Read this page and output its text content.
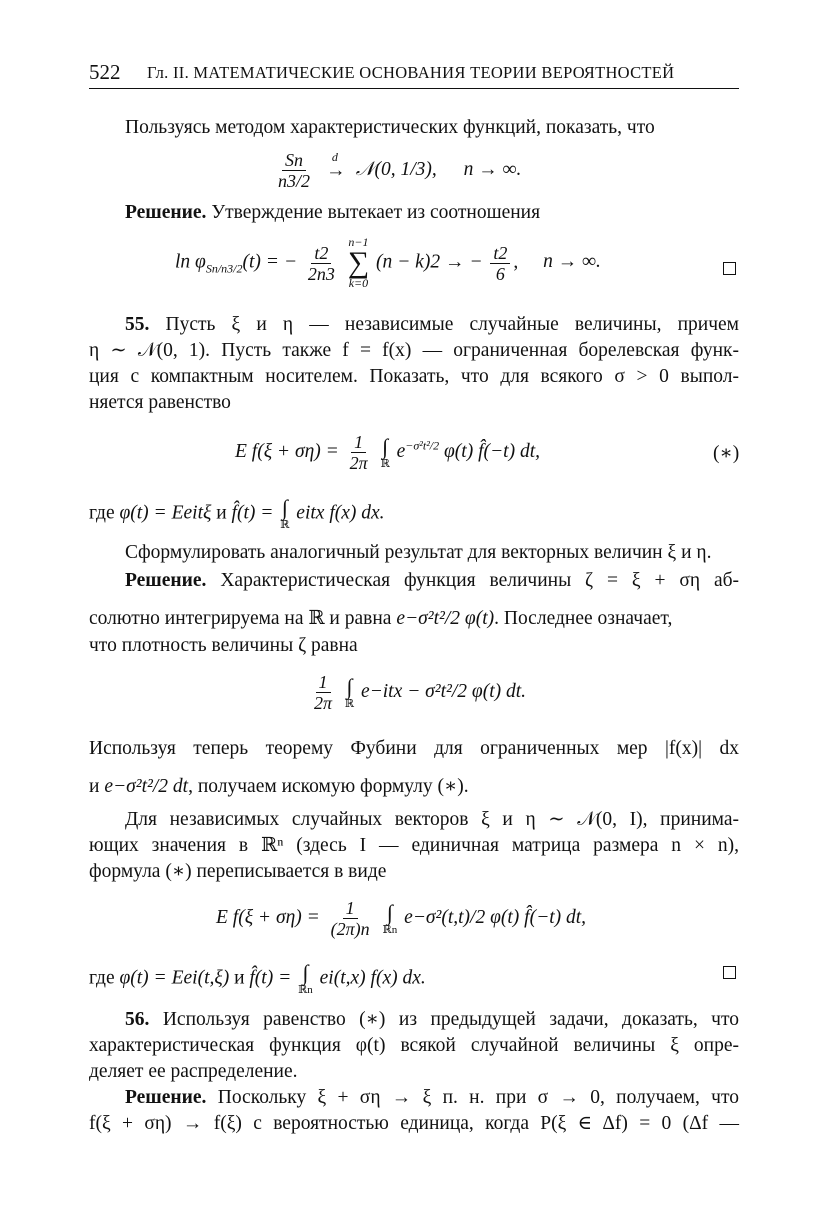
522 Гл. II. МАТЕМАТИЧЕСКИЕ ОСНОВАНИЯ ТЕОРИИ ВЕРОЯТНОСТЕЙ
Пользуясь методом характеристических функций, показать, что
$\frac{Sn}{n3/2}$
d
→ 𝒩(0, 1/3), n → ∞.
Решение. Утверждение вытекает из соотношения
$\ln \varphi_{Sn/n3/2}(t)$ = − $\frac{t2}{2n3}$

n−1
∑
k=0
(n − k)2 → − $\frac{t2}{6}$ , n → ∞.
55. Пусть ξ и η — независимые случайные величины, причем
η ∼ 𝒩(0, 1). Пусть также f = f(x) — ограниченная борелевская функ-
ция с компактным носителем. Показать, что для всякого σ > 0 выпол-
няется равенство
E $f(\xi + \sigma\eta) = \frac{1}{2\pi}$
∫
ℝ
$e^{-\sigma^2t^2/2}$ φ(t) f̂(−t) dt,	(∗)
где φ(t) = Eeitξ и f̂(t) = ∫
ℝ
eitx f(x) dx.
Сформулировать аналогичный результат для векторных величин ξ и η.
Решение. Характеристическая функция величины ζ = ξ + ση аб-
солютно интегрируема на ℝ и равна e−σ²t²/2 φ(t). Последнее означает,
что плотность величины ζ равна
$\frac{1}{2\pi}$
∫
ℝ
e−itx − σ²t²/2 φ(t) dt.
Используя теперь теорему Фубини для ограниченных мер |f(x)| dx
и e−σ²t²/2 dt, получаем искомую формулу (∗).
Для независимых случайных векторов ξ и η ∼ 𝒩(0, I), принима-
ющих значения в ℝⁿ (здесь I — единичная матрица размера n × n),
формула (∗) переписывается в виде
E $f(\xi + \sigma\eta) = \frac{1}{(2\pi)n}$
∫
ℝn
e−σ²(t,t)/2 φ(t) f̂(−t) dt,
где φ(t) = Eei(t,ξ) и f̂(t) = ∫
ℝn
ei(t,x) f(x) dx.
56. Используя равенство (∗) из предыдущей задачи, доказать, что
характеристическая функция φ(t) всякой случайной величины ξ опре-
деляет ее распределение.
Решение. Поскольку ξ + ση → ξ п. н. при σ → 0, получаем, что
f(ξ + ση) → f(ξ) с вероятностью единица, когда P(ξ ∈ Δf) = 0 (Δf —
